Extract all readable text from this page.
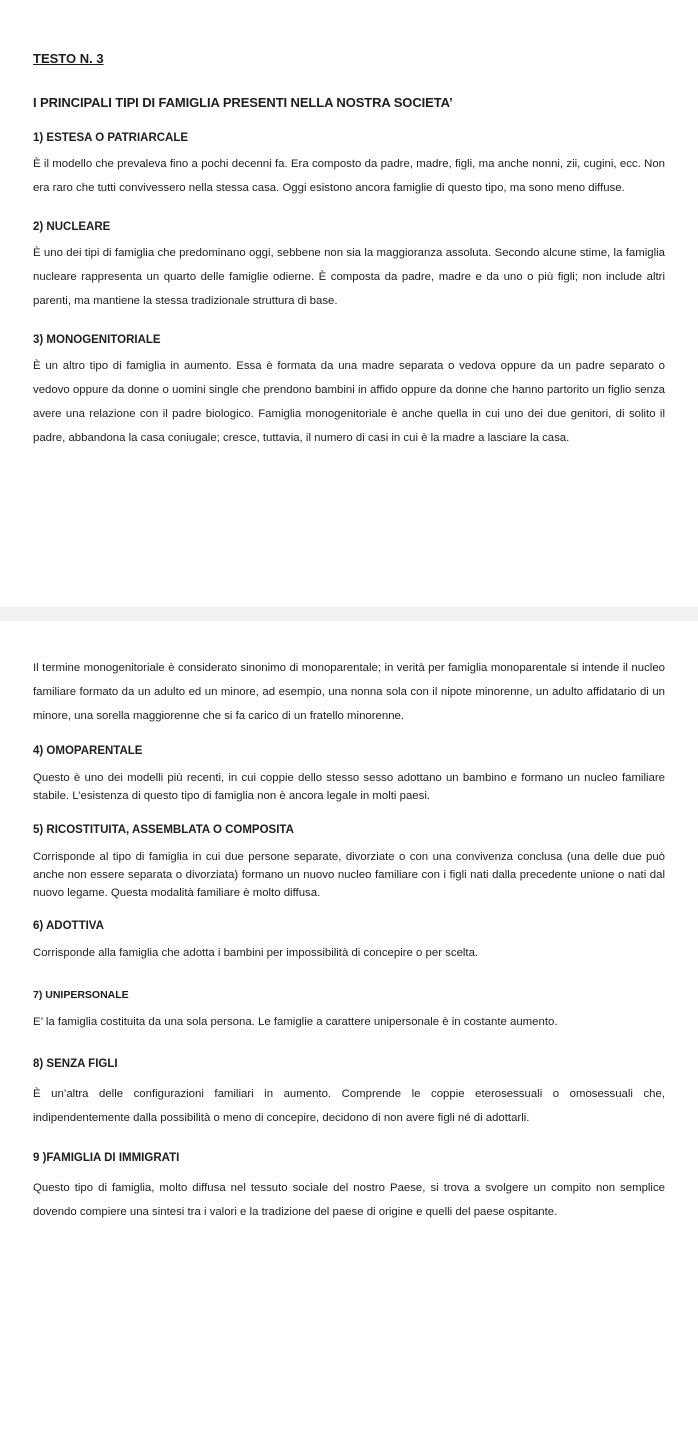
TESTO N. 3
I PRINCIPALI TIPI DI FAMIGLIA PRESENTI NELLA NOSTRA SOCIETA’
1) ESTESA O PATRIARCALE

È il modello che prevaleva fino a pochi decenni fa. Era composto da padre, madre, figli, ma anche nonni, zii, cugini, ecc. Non era raro che tutti convivessero nella stessa casa. Oggi esistono ancora famiglie di questo tipo, ma sono meno diffuse.

2) NUCLEARE

È uno dei tipi di famiglia che predominano oggi, sebbene non sia la maggioranza assoluta. Secondo alcune stime, la famiglia nucleare rappresenta un quarto delle famiglie odierne. È composta da padre, madre e da uno o più figli; non include altri parenti, ma mantiene la stessa tradizionale struttura di base.

3) MONOGENITORIALE

È un altro tipo di famiglia in aumento. Essa è formata da una madre separata o vedova oppure da un padre separato o vedovo oppure da donne o uomini single che prendono bambini in affido oppure da donne che hanno partorito un figlio senza avere una relazione con il padre biologico. Famiglia monogenitoriale è anche quella in cui uno dei due genitori, di solito il padre, abbandona la casa coniugale; cresce, tuttavia, il numero di casi in cui è la madre a lasciare la casa.

Il termine monogenitoriale è considerato sinonimo di monoparentale; in verità per famiglia monoparentale si intende il nucleo familiare formato da un adulto ed un minore, ad esempio, una nonna sola con il nipote minorenne, un adulto affidatario di un minore, una sorella maggiorenne che si fa carico di un fratello minorenne.

4) OMOPARENTALE

Questo è uno dei modelli più recenti, in cui coppie dello stesso sesso adottano un bambino e formano un nucleo familiare stabile. L’esistenza di questo tipo di famiglia non è ancora legale in molti paesi.

5) RICOSTITUITA, ASSEMBLATA O COMPOSITA

Corrisponde al tipo di famiglia in cui due persone separate, divorziate o con una convivenza conclusa (una delle due può anche non essere separata o divorziata) formano un nuovo nucleo familiare con i figli nati dalla precedente unione o nati dal nuovo legame. Questa modalità familiare è molto diffusa.

6) ADOTTIVA

Corrisponde alla famiglia che adotta i bambini per impossibilità di concepire o per scelta.

7) UNIPERSONALE

E’ la famiglia costituita da una sola persona. Le famiglie a carattere unipersonale è in costante aumento.

8) SENZA FIGLI

È un’altra delle configurazioni familiari in aumento. Comprende le coppie eterosessuali o omosessuali che, indipendentemente dalla possibilità o meno di concepire, decidono di non avere figli né di adottarli.

9 )FAMIGLIA DI IMMIGRATI

Questo tipo di famiglia, molto diffusa nel tessuto sociale del nostro Paese, si trova a svolgere un compito non semplice dovendo compiere una sintesi tra i valori e la tradizione del paese di origine e quelli del paese ospitante.
